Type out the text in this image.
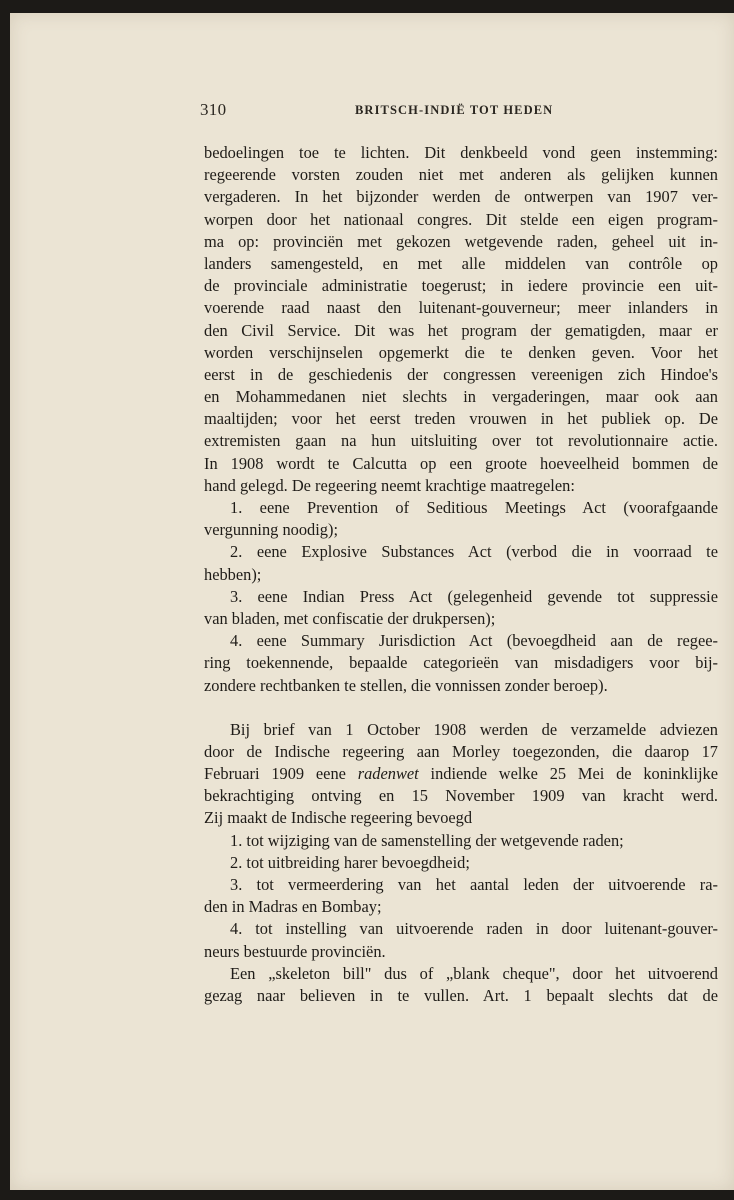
310	BRITSCH-INDIË TOT HEDEN
bedoelingen toe te lichten. Dit denkbeeld vond geen instemming:
regeerende vorsten zouden niet met anderen als gelijken kunnen
vergaderen. In het bijzonder werden de ontwerpen van 1907 ver-
worpen door het nationaal congres. Dit stelde een eigen program-
ma op: provinciën met gekozen wetgevende raden, geheel uit in-
landers samengesteld, en met alle middelen van contrôle op
de provinciale administratie toegerust; in iedere provincie een uit-
voerende raad naast den luitenant-gouverneur; meer inlanders in
den Civil Service. Dit was het program der gematigden, maar er
worden verschijnselen opgemerkt die te denken geven. Voor het
eerst in de geschiedenis der congressen vereenigen zich Hindoe's
en Mohammedanen niet slechts in vergaderingen, maar ook aan
maaltijden; voor het eerst treden vrouwen in het publiek op. De
extremisten gaan na hun uitsluiting over tot revolutionnaire actie.
In 1908 wordt te Calcutta op een groote hoeveelheid bommen de
hand gelegd. De regeering neemt krachtige maatregelen:
1. eene Prevention of Seditious Meetings Act (voorafgaande
vergunning noodig);
2. eene Explosive Substances Act (verbod die in voorraad te
hebben);
3. eene Indian Press Act (gelegenheid gevende tot suppressie
van bladen, met confiscatie der drukpersen);
4. eene Summary Jurisdiction Act (bevoegdheid aan de regee-
ring toekennende, bepaalde categorieën van misdadigers voor bij-
zondere rechtbanken te stellen, die vonnissen zonder beroep).
Bij brief van 1 October 1908 werden de verzamelde adviezen
door de Indische regeering aan Morley toegezonden, die daarop 17
Februari 1909 eene radenwet indiende welke 25 Mei de koninklijke
bekrachtiging ontving en 15 November 1909 van kracht werd.
Zij maakt de Indische regeering bevoegd
1. tot wijziging van de samenstelling der wetgevende raden;
2. tot uitbreiding harer bevoegdheid;
3. tot vermeerdering van het aantal leden der uitvoerende ra-
den in Madras en Bombay;
4. tot instelling van uitvoerende raden in door luitenant-gouver-
neurs bestuurde provinciën.
Een „skeleton bill" dus of „blank cheque", door het uitvoerend
gezag naar believen in te vullen. Art. 1 bepaalt slechts dat de
